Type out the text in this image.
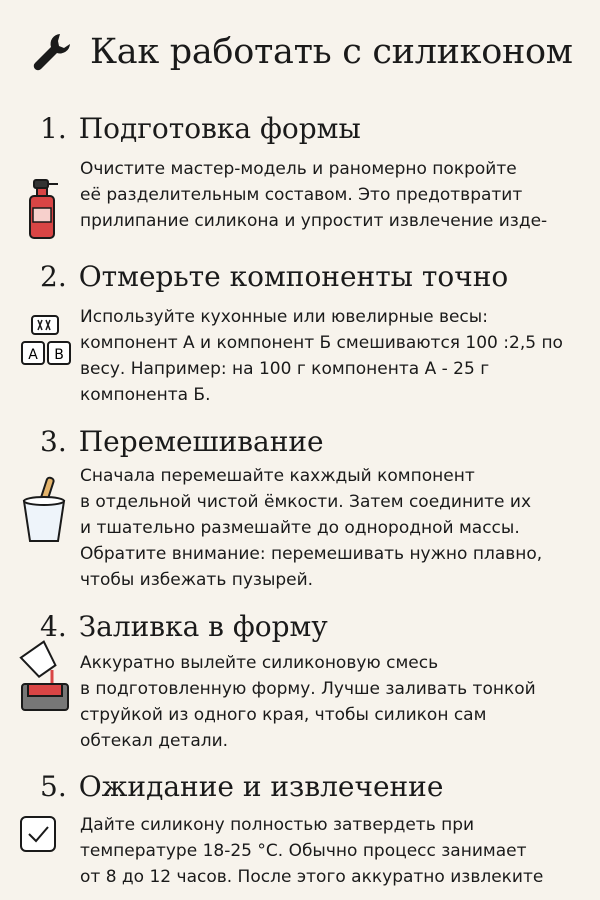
Как работать с силиконом
1. Подготовка формы

Очистите мастер-модель и раномерно покройте

её разделительным составом. Это предотвратит

прилипание силикона и упростит извлечение изде-

2. Отмерьте компоненты точно
A B

Используйте кухонные или ювелирные весы:

компонент А и компонент Б смешиваются 100 :2,5 по

весу. Например: на 100 г компонента А - 25 г

компонента Б.

3. Перемешивание

Сначала перемешайте кахждый компонент

в отдельной чистой ёмкости. Затем соедините их

и тшательно размешайте до однородной массы.

Обратите внимание: перемешивать нужно плавно,

чтобы избежать пузырей.

4. Заливка в форму

Аккуратно вылейте силиконовую смесь

в подготовленную форму. Лучше заливать тонкой

струйкой из одного края, чтобы силикон сам

обтекал детали.

5. Ожидание и извлечение

Дайте силикону полностью затвердеть при

температуре 18-25 °C. Обычно процесс занимает

от 8 до 12 часов. После этого аккуратно извлеките
